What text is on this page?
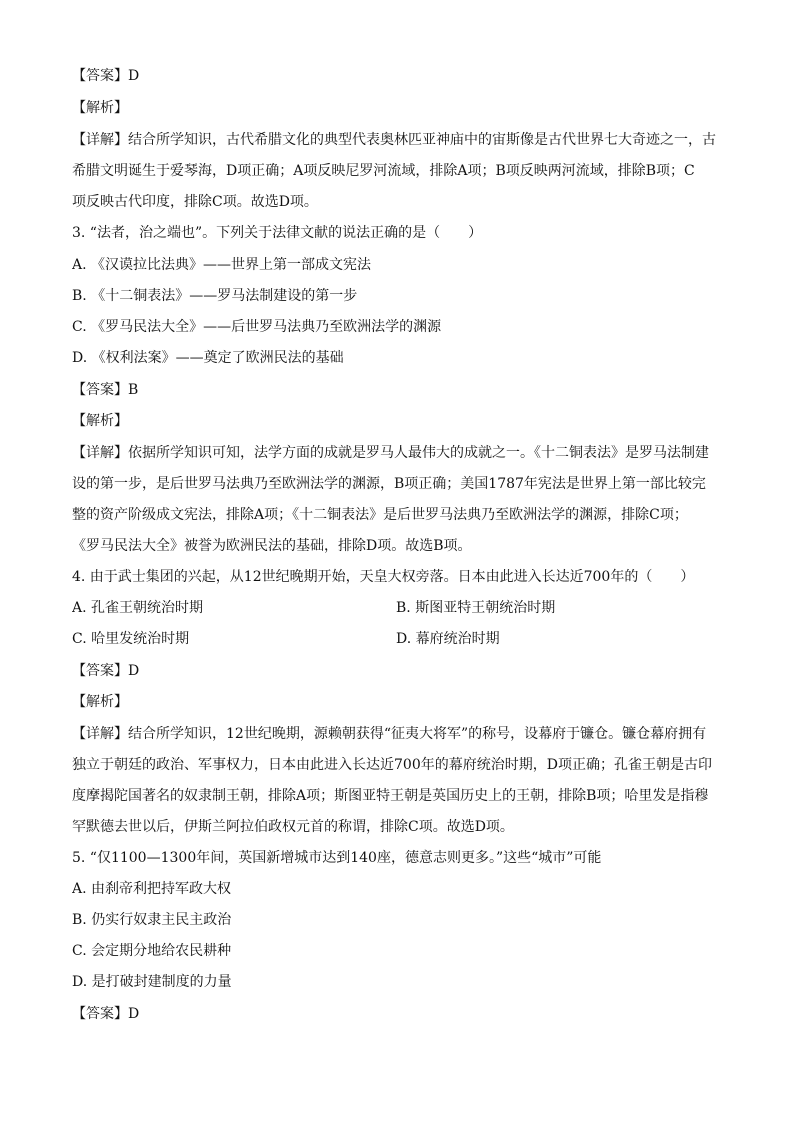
【答案】D
【解析】
【详解】结合所学知识，古代希腊文化的典型代表奥林匹亚神庙中的宙斯像是古代世界七大奇迹之一，古
希腊文明诞生于爱琴海，D项正确；A项反映尼罗河流域，排除A项；B项反映两河流域，排除B项；C
项反映古代印度，排除C项。故选D项。
3. “法者，治之端也”。下列关于法律文献的说法正确的是（　　）
A. 《汉谟拉比法典》——世界上第一部成文宪法
B. 《十二铜表法》——罗马法制建设的第一步
C. 《罗马民法大全》——后世罗马法典乃至欧洲法学的渊源
D. 《权利法案》——奠定了欧洲民法的基础
【答案】B
【解析】
【详解】依据所学知识可知，法学方面的成就是罗马人最伟大的成就之一。《十二铜表法》是罗马法制建
设的第一步，是后世罗马法典乃至欧洲法学的渊源，B项正确；美国1787年宪法是世界上第一部比较完
整的资产阶级成文宪法，排除A项；《十二铜表法》是后世罗马法典乃至欧洲法学的渊源，排除C项；
《罗马民法大全》被誉为欧洲民法的基础，排除D项。故选B项。
4. 由于武士集团的兴起，从12世纪晚期开始，天皇大权旁落。日本由此进入长达近700年的（　　）
A. 孔雀王朝统治时期	B. 斯图亚特王朝统治时期
C. 哈里发统治时期	D. 幕府统治时期
【答案】D
【解析】
【详解】结合所学知识，12世纪晚期，源赖朝获得“征夷大将军”的称号，设幕府于镰仓。镰仓幕府拥有
独立于朝廷的政治、军事权力，日本由此进入长达近700年的幕府统治时期，D项正确；孔雀王朝是古印
度摩揭陀国著名的奴隶制王朝，排除A项；斯图亚特王朝是英国历史上的王朝，排除B项；哈里发是指穆
罕默德去世以后，伊斯兰阿拉伯政权元首的称谓，排除C项。故选D项。
5. “仅1100—1300年间，英国新增城市达到140座，德意志则更多。”这些“城市”可能
A. 由刹帝利把持军政大权
B. 仍实行奴隶主民主政治
C. 会定期分地给农民耕种
D. 是打破封建制度的力量
【答案】D
